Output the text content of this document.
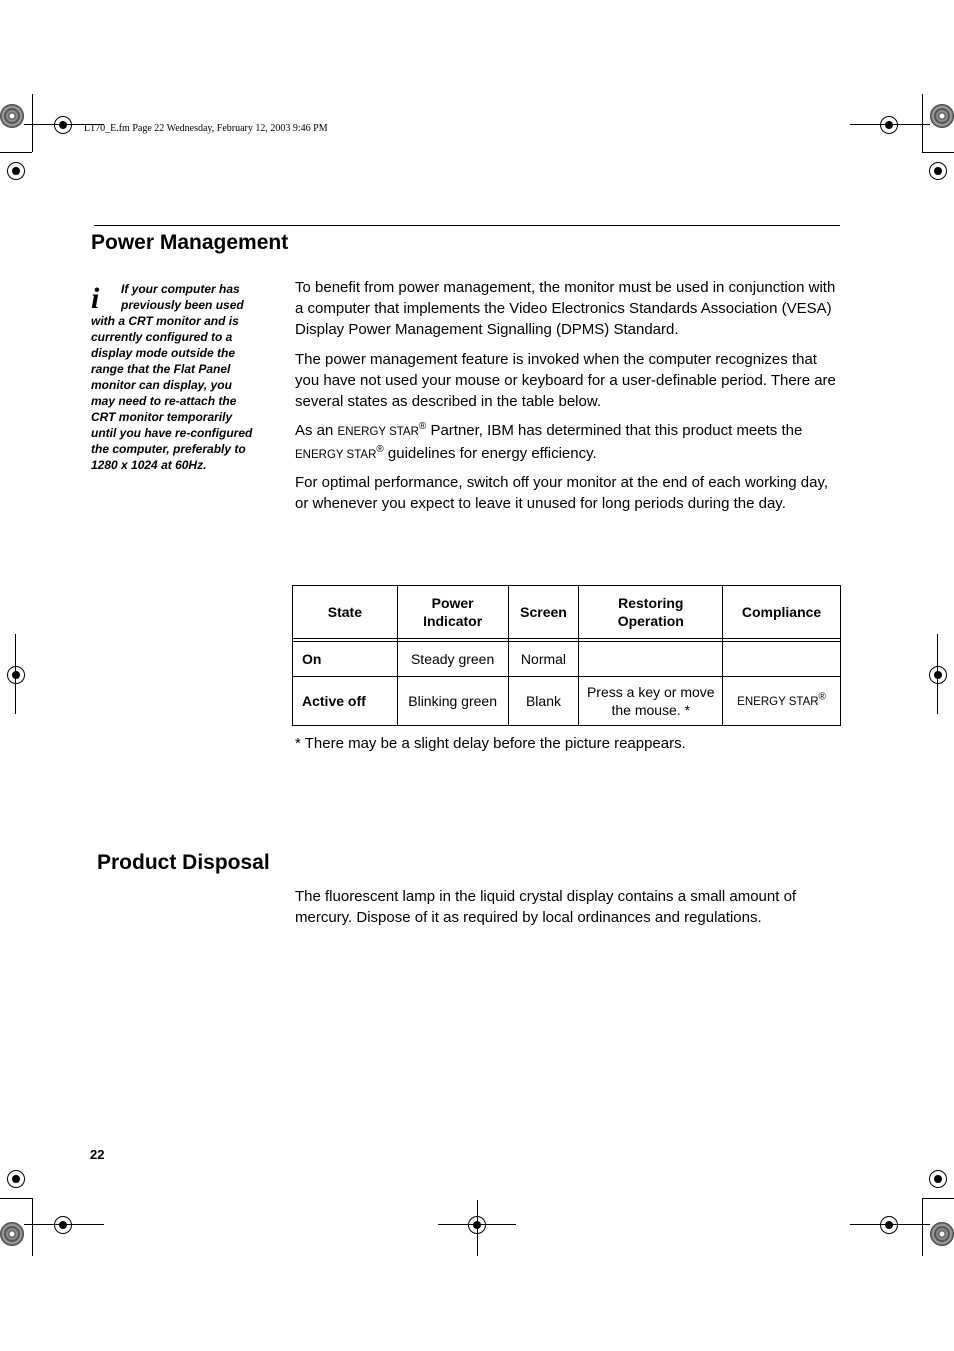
L170_E.fm Page 22 Wednesday, February 12, 2003 9:46 PM
Power Management
i	If your computer has
previously been used
with a CRT monitor and is
currently configured to a
display mode outside the
range that the Flat Panel
monitor can display, you
may need to re-attach the
CRT monitor temporarily
until you have re-configured
the computer, preferably to
1280 x 1024 at 60Hz.

To benefit from power management, the monitor must be used in conjunction with a computer that implements the Video Electronics Standards Association (VESA) Display Power Management Signalling (DPMS) Standard.

The power management feature is invoked when the computer recognizes that you have not used your mouse or keyboard for a user-definable period. There are several states as described in the table below.

As an ENERGY STAR® Partner, IBM has determined that this product meets the ENERGY STAR® guidelines for energy efficiency.

For optimal performance, switch off your monitor at the end of each working day, or whenever you expect to leave it unused for long periods during the day.

State	Power Indicator	Screen	Restoring Operation	Compliance

On	Steady green	Normal		
Active off	Blinking green	Blank	Press a key or move the mouse. *	ENERGY STAR®
* There may be a slight delay before the picture reappears.
Product Disposal

The fluorescent lamp in the liquid crystal display contains a small amount of mercury. Dispose of it as required by local ordinances and regulations.

22
